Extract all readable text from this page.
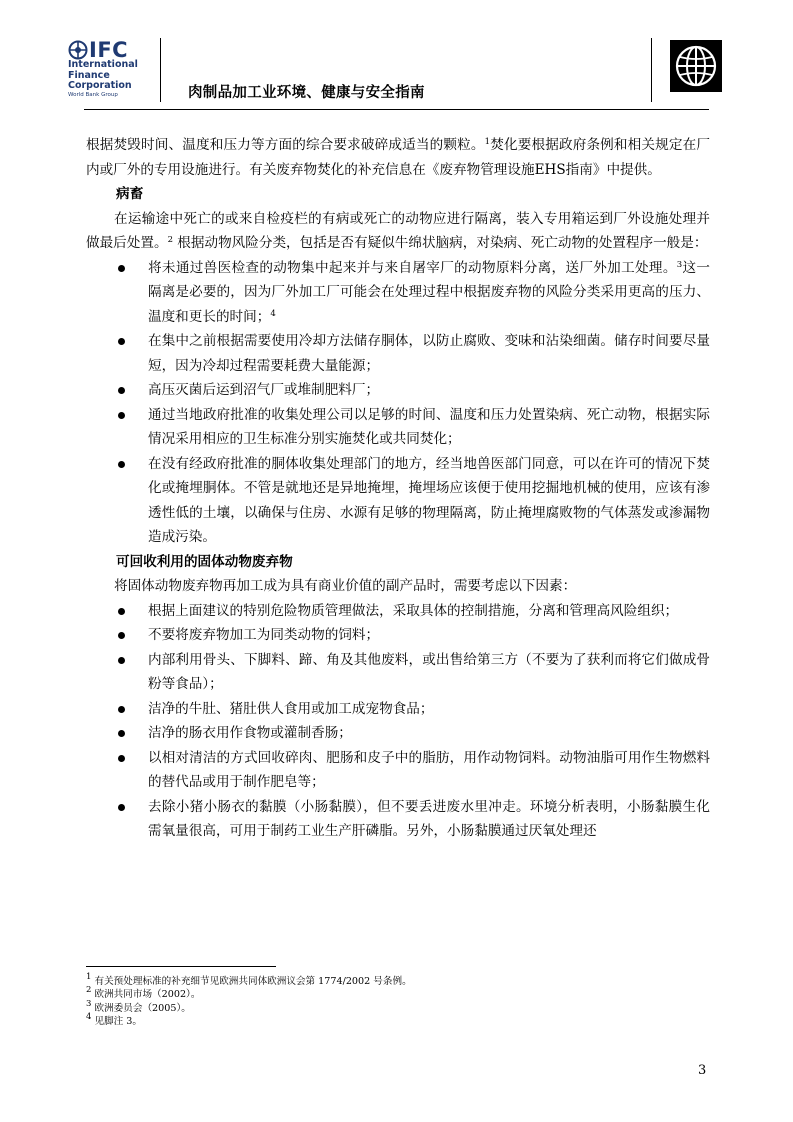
IFC
International
Finance
Corporation
World Bank Group	肉制品加工业环境、健康与安全指南

根据焚毁时间、温度和压力等方面的综合要求破碎成适当的颗粒。$^1$焚化要根据政府条例和相关规定在厂内或厂外的专用设施进行。有关废弃物焚化的补充信息在《废弃物管理设施EHS指南》中提供。

病畜

在运输途中死亡的或来自检疫栏的有病或死亡的动物应进行隔离，装入专用箱运到厂外设施处理并做最后处置。$^2$ 根据动物风险分类，包括是否有疑似牛绵状脑病，对染病、死亡动物的处置程序一般是：

将未通过兽医检查的动物集中起来并与来自屠宰厂的动物原料分离，送厂外加工处理。$^3$这一隔离是必要的，因为厂外加工厂可能会在处理过程中根据废弃物的风险分类采用更高的压力、温度和更长的时间；$^4$
在集中之前根据需要使用冷却方法储存胴体，以防止腐败、变味和沾染细菌。储存时间要尽量短，因为冷却过程需要耗费大量能源；
高压灭菌后运到沼气厂或堆制肥料厂；
通过当地政府批准的收集处理公司以足够的时间、温度和压力处置染病、死亡动物，根据实际情况采用相应的卫生标准分别实施焚化或共同焚化；
在没有经政府批准的胴体收集处理部门的地方，经当地兽医部门同意，可以在许可的情况下焚化或掩埋胴体。不管是就地还是异地掩埋，掩埋场应该便于使用挖掘地机械的使用，应该有渗透性低的土壤，以确保与住房、水源有足够的物理隔离，防止掩埋腐败物的气体蒸发或渗漏物造成污染。
可回收利用的固体动物废弃物

将固体动物废弃物再加工成为具有商业价值的副产品时，需要考虑以下因素：

根据上面建议的特别危险物质管理做法，采取具体的控制措施，分离和管理高风险组织；
不要将废弃物加工为同类动物的饲料；
内部利用骨头、下脚料、蹄、角及其他废料，或出售给第三方（不要为了获利而将它们做成骨粉等食品）；
洁净的牛肚、猪肚供人食用或加工成宠物食品；
洁净的肠衣用作食物或灌制香肠；
以相对清洁的方式回收碎肉、肥肠和皮子中的脂肪，用作动物饲料。动物油脂可用作生物燃料的替代品或用于制作肥皂等；
去除小猪小肠衣的黏膜（小肠黏膜），但不要丢进废水里冲走。环境分析表明，小肠黏膜生化需氧量很高，可用于制药工业生产肝磷脂。另外，小肠黏膜通过厌氧处理还
$^1$ 有关预处理标准的补充细节见欧洲共同体欧洲议会第 1774/2002 号条例。
$^2$ 欧洲共同市场（2002）。
$^3$ 欧洲委员会（2005）。
$^4$ 见脚注 3。
3
